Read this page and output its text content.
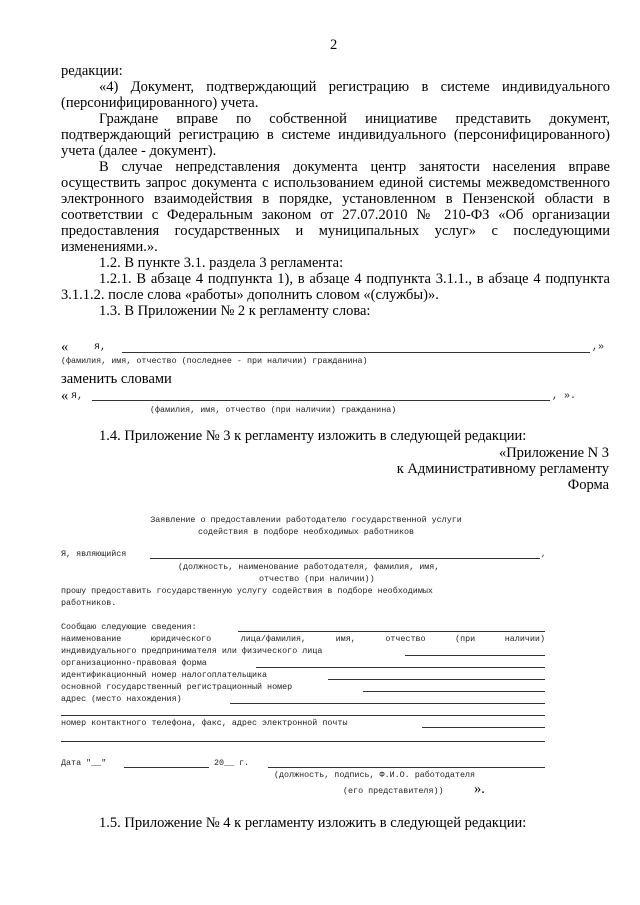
2

редакции:

«4) Документ, подтверждающий регистрацию в системе индивидуального (персонифицированного) учета.

Граждане вправе по собственной инициативе представить документ, подтверждающий регистрацию в системе индивидуального (персонифицированного) учета (далее - документ).

В случае непредставления документа центр занятости населения вправе осуществить запрос документа с использованием единой системы межведомственного электронного взаимодействия в порядке, установленном в Пензенской области в соответствии с Федеральным законом от 27.07.2010 № 210-ФЗ «Об организации предоставления государственных и муниципальных услуг» с последующими изменениями.».

1.2. В пункте 3.1. раздела 3 регламента:

1.2.1. В абзаце 4 подпункта 1), в абзаце 4 подпункта 3.1.1., в абзаце 4 подпункта 3.1.1.2. после слова «работы» дополнить словом «(службы)».

1.3. В Приложении № 2 к регламенту слова:

«	я,	,»
(фамилия, имя, отчество (последнее - при наличии) гражданина)
заменить словами
« я,	, ».
(фамилия, имя, отчество (при наличии) гражданина)
1.4. Приложение № 3 к регламенту изложить в следующей редакции:
«Приложение N 3
к Административному регламенту
Форма
Заявление о предоставлении работодателю государственной услуги
содействия в подборе необходимых работников
Я, являющийся	,
(должность, наименование работодателя, фамилия, имя,
отчество (при наличии))
прошу предоставить государственную услугу содействия в подборе необходимых
работников.
Сообщаю следующие сведения:
наименование	юридического	лица/фамилия,	имя,	отчество	(при	наличии)
индивидуального предпринимателя или физического лица
организационно-правовая форма
идентификационный номер налогоплательщика
основной государственный регистрационный номер
адрес (место нахождения)
номер контактного телефона, факс, адрес электронной почты
Дата "__"	20__ г.
(должность, подпись, Ф.И.О. работодателя
(его представителя)) ».
1.5. Приложение № 4 к регламенту изложить в следующей редакции:
